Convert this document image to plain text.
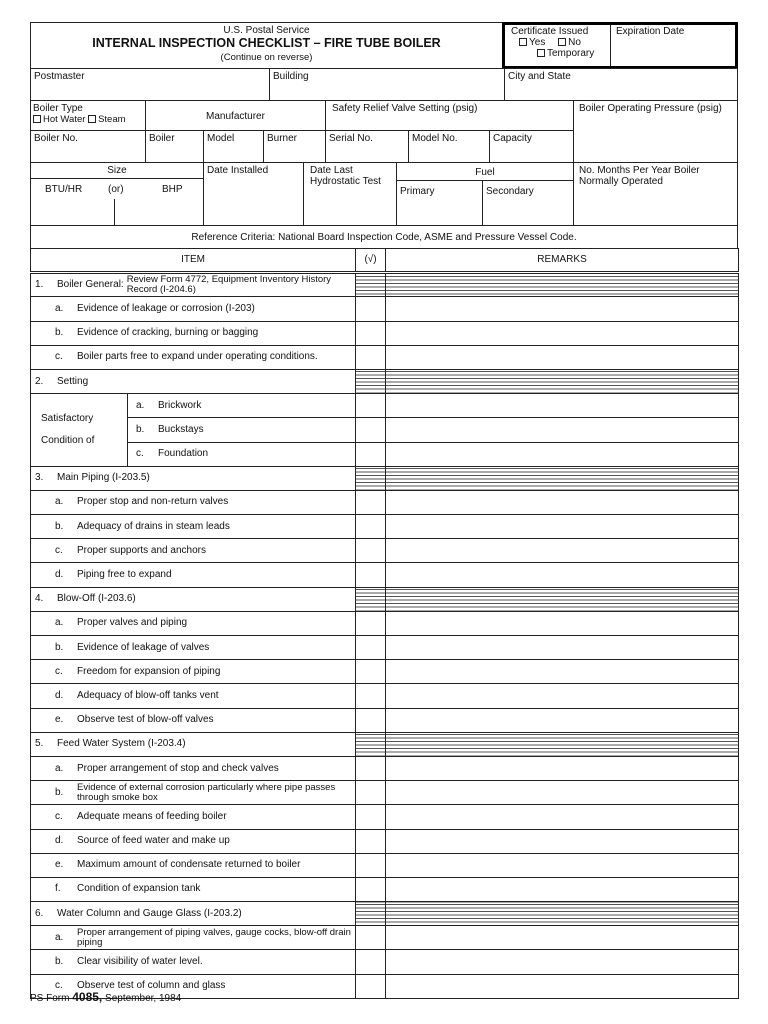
U.S. Postal Service
INTERNAL INSPECTION CHECKLIST – FIRE TUBE BOILER
(Continue on reverse)
Certificate Issued
Yes No
Temporary
Expiration Date
Postmaster	Building	City and State
Boiler Type
Hot Water Steam	Manufacturer
Safety Relief Valve Setting (psig)	Boiler Operating Pressure (psig)
Boiler No.	Boiler	Model	Burner	Serial No.	Model No.	Capacity
Size
BTU/HR	(or)	BHP
Date Installed	Date Last Hydrostatic Test
Fuel
Primary	Secondary
No. Months Per Year Boiler Normally Operated
Reference Criteria: National Board Inspection Code, ASME and Pressure Vessel Code.
ITEM		(√)	REMARKS

1. Boiler General: Review Form 4772, Equipment Inventory History Record (I-204.6)			

a. Evidence of leakage or corrosion (I-203)			

b. Evidence of cracking, burning or bagging			

c. Boiler parts free to expand under operating conditions.			

2. Setting			

Satisfactory Condition of	a. Brickwork		

	b. Buckstays		

	c. Foundation		

3. Main Piping (I-203.5)			

a. Proper stop and non-return valves			

b. Adequacy of drains in steam leads			

c. Proper supports and anchors			

d. Piping free to expand			

4. Blow-Off (I-203.6)			

a. Proper valves and piping			

b. Evidence of leakage of valves			

c. Freedom for expansion of piping			

d. Adequacy of blow-off tanks vent			

e. Observe test of blow-off valves			

5. Feed Water System (I-203.4)			

a. Proper arrangement of stop and check valves			

b. Evidence of external corrosion particularly where pipe passes through smoke box			

c. Adequate means of feeding boiler			

d. Source of feed water and make up			

e. Maximum amount of condensate returned to boiler			

f. Condition of expansion tank			

6. Water Column and Gauge Glass (I-203.2)			

a. Proper arrangement of piping valves, gauge cocks, blow-off drain piping			

b. Clear visibility of water level.			

c. Observe test of column and glass			

PS Form 4085, September, 1984
